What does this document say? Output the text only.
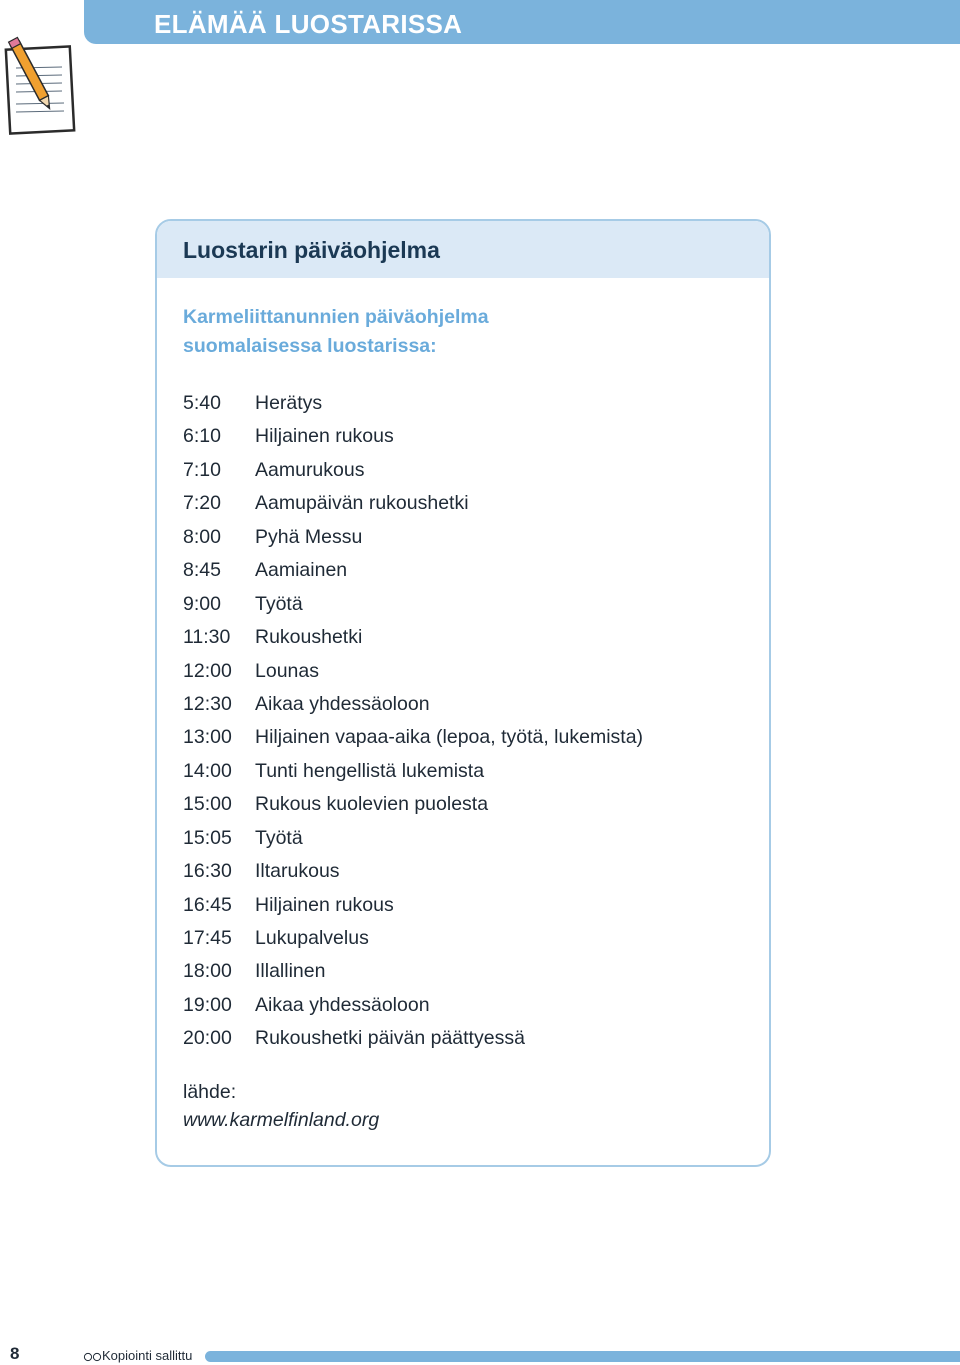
ELÄMÄÄ LUOSTARISSA
Luostarin päiväohjelma
Karmeliittanunnien päiväohjelma
suomalaisessa luostarissa:
5:40 Herätys
6:10 Hiljainen rukous
7:10 Aamurukous
7:20 Aamupäivän rukoushetki
8:00 Pyhä Messu
8:45 Aamiainen
9:00 Työtä
11:30 Rukoushetki
12:00 Lounas
12:30 Aikaa yhdessäoloon
13:00 Hiljainen vapaa-aika (lepoa, työtä, lukemista)
14:00 Tunti hengellistä lukemista
15:00 Rukous kuolevien puolesta
15:05 Työtä
16:30 Iltarukous
16:45 Hiljainen rukous
17:45 Lukupalvelus
18:00 Illallinen
19:00 Aikaa yhdessäoloon
20:00 Rukoushetki päivän päättyessä
lähde:
www.karmelfinland.org
8	Kopiointi sallittu
